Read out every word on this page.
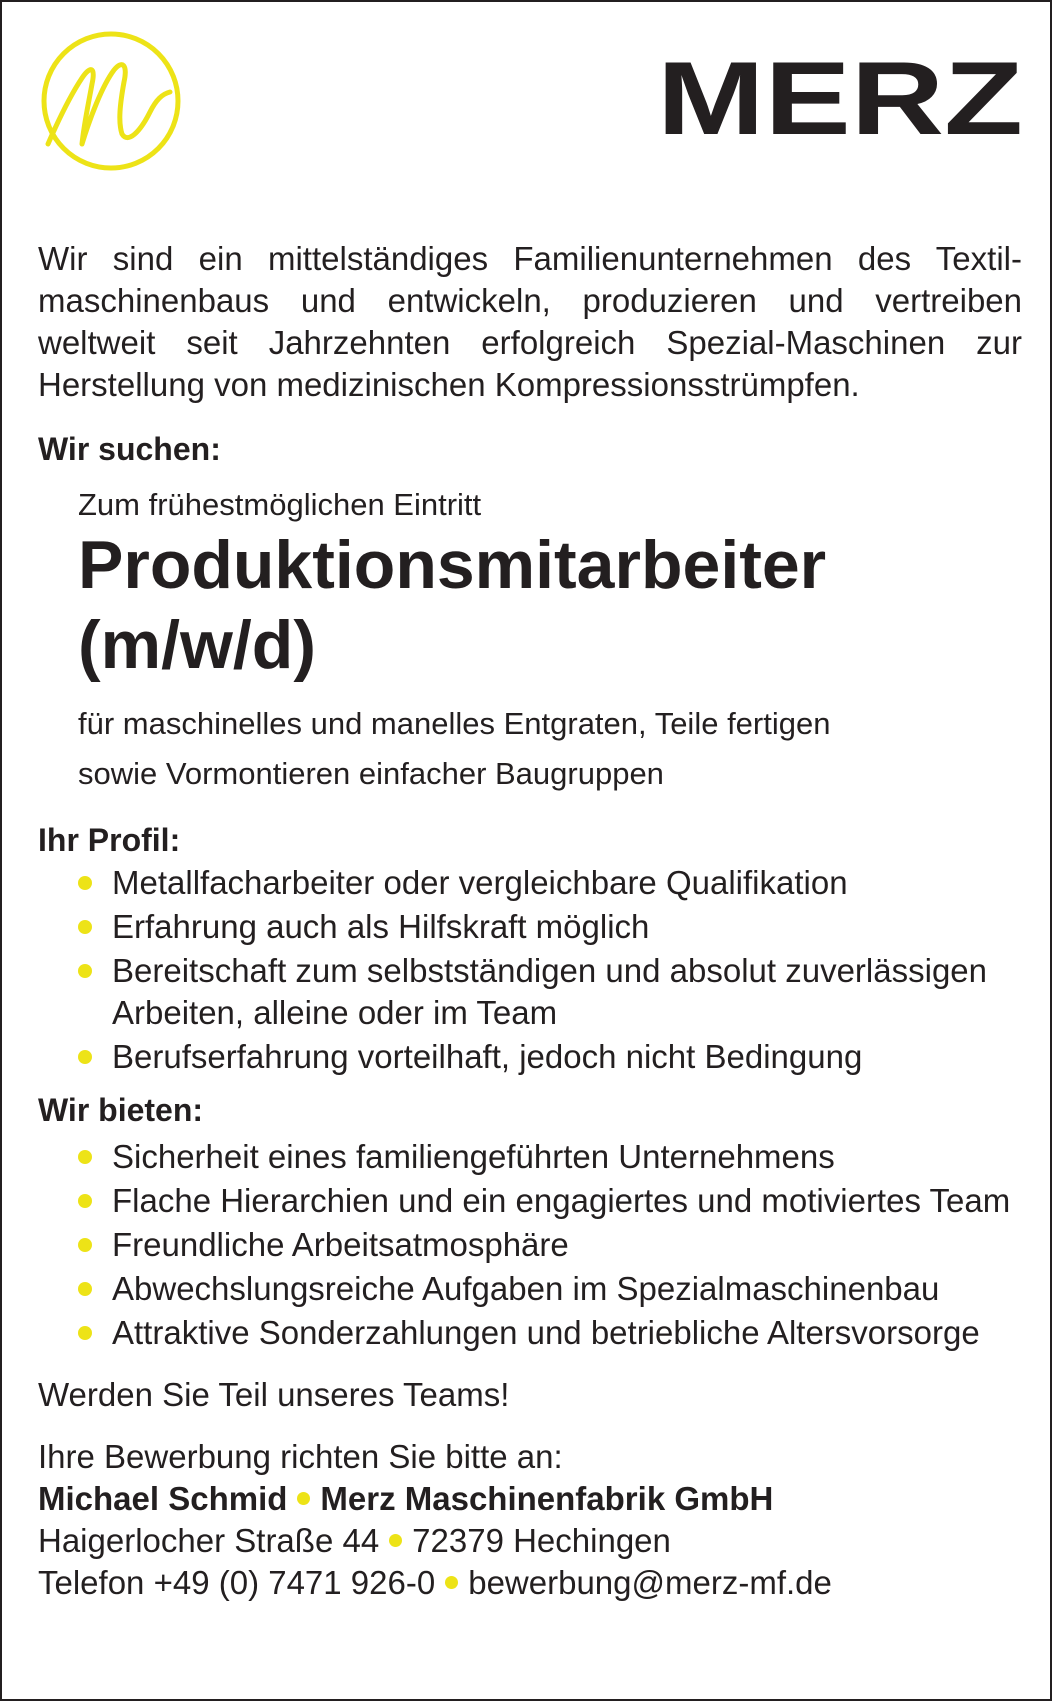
MERZ

Wir sind ein mittelständiges Familienunternehmen des Textilmaschinenbaus und entwickeln, produzieren und vertreiben weltweit seit Jahrzehnten erfolgreich Spezial-Maschinen zur Herstellung von medizinischen Kompressionsstrümpfen.

Wir suchen:

Zum frühestmöglichen Eintritt

Produktionsmitarbeiter
(m/w/d)
für maschinelles und manelles Entgraten, Teile fertigen
sowie Vormontieren einfacher Baugruppen

Ihr Profil:

Metallfacharbeiter oder vergleichbare Qualifikation
Erfahrung auch als Hilfskraft möglich
Bereitschaft zum selbstständigen und absolut zuverlässigen Arbeiten, alleine oder im Team
Berufserfahrung vorteilhaft, jedoch nicht Bedingung

Wir bieten:

Sicherheit eines familiengeführten Unternehmens
Flache Hierarchien und ein engagiertes und motiviertes Team
Freundliche Arbeitsatmosphäre
Abwechslungsreiche Aufgaben im Spezialmaschinenbau
Attraktive Sonderzahlungen und betriebliche Altersvorsorge

Werden Sie Teil unseres Teams!

Ihre Bewerbung richten Sie bitte an:

Michael Schmid Merz Maschinenfabrik GmbH

Haigerlocher Straße 44 72379 Hechingen

Telefon +49 (0) 7471 926-0 bewerbung@merz-mf.de
